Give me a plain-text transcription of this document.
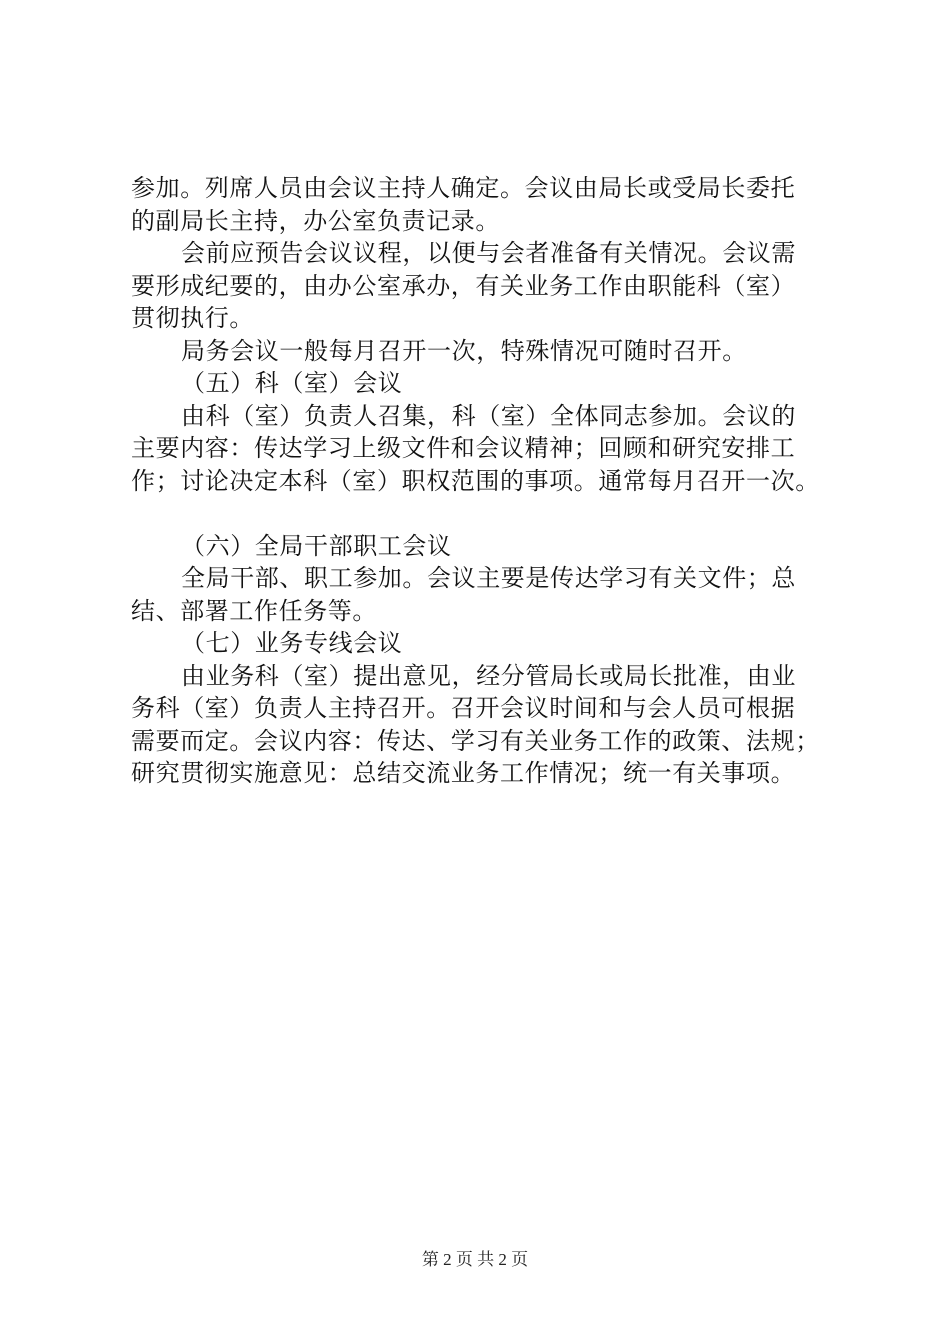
参加。列席人员由会议主持人确定。会议由局长或受局长委托
的副局长主持，办公室负责记录。
会前应预告会议议程，以便与会者准备有关情况。会议需
要形成纪要的，由办公室承办，有关业务工作由职能科（室）
贯彻执行。
局务会议一般每月召开一次，特殊情况可随时召开。
（五）科（室）会议
由科（室）负责人召集，科（室）全体同志参加。会议的
主要内容：传达学习上级文件和会议精神；回顾和研究安排工
作；讨论决定本科（室）职权范围的事项。通常每月召开一次。
（六）全局干部职工会议
全局干部、职工参加。会议主要是传达学习有关文件；总
结、部署工作任务等。
（七）业务专线会议
由业务科（室）提出意见，经分管局长或局长批准，由业
务科（室）负责人主持召开。召开会议时间和与会人员可根据
需要而定。会议内容：传达、学习有关业务工作的政策、法规；
研究贯彻实施意见：总结交流业务工作情况；统一有关事项。
第 2 页 共 2 页
